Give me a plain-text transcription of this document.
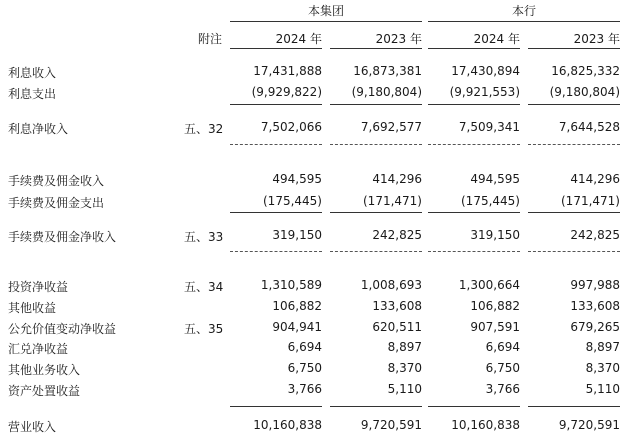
本集团	本行
附注	2024 年	2023 年	2024 年	2023 年
利息收入	17,431,888	16,873,381 17,430,894	16,825,332
利息支出	(9,929,822) (9,180,804) (9,921,553) (9,180,804)
利息净收入	五、32	7,502,066	7,692,577	7,509,341	7,644,528
手续费及佣金收入	494,595	414,296	494,595	414,296
手续费及佣金支出	(175,445)	(171,471)	(175,445)	(171,471)
手续费及佣金净收入	五、33	319,150	242,825	319,150	242,825
投资净收益	五、34	1,310,589	1,008,693	1,300,664	997,988
其他收益	106,882	133,608	106,882	133,608
公允价值变动净收益	五、35	904,941	620,511	907,591	679,265
汇兑净收益	6,694	8,897	6,694	8,897
其他业务收入	6,750	8,370	6,750	8,370
资产处置收益	3,766	5,110	3,766	5,110
营业收入	10,160,838	9,720,591 10,160,838	9,720,591
